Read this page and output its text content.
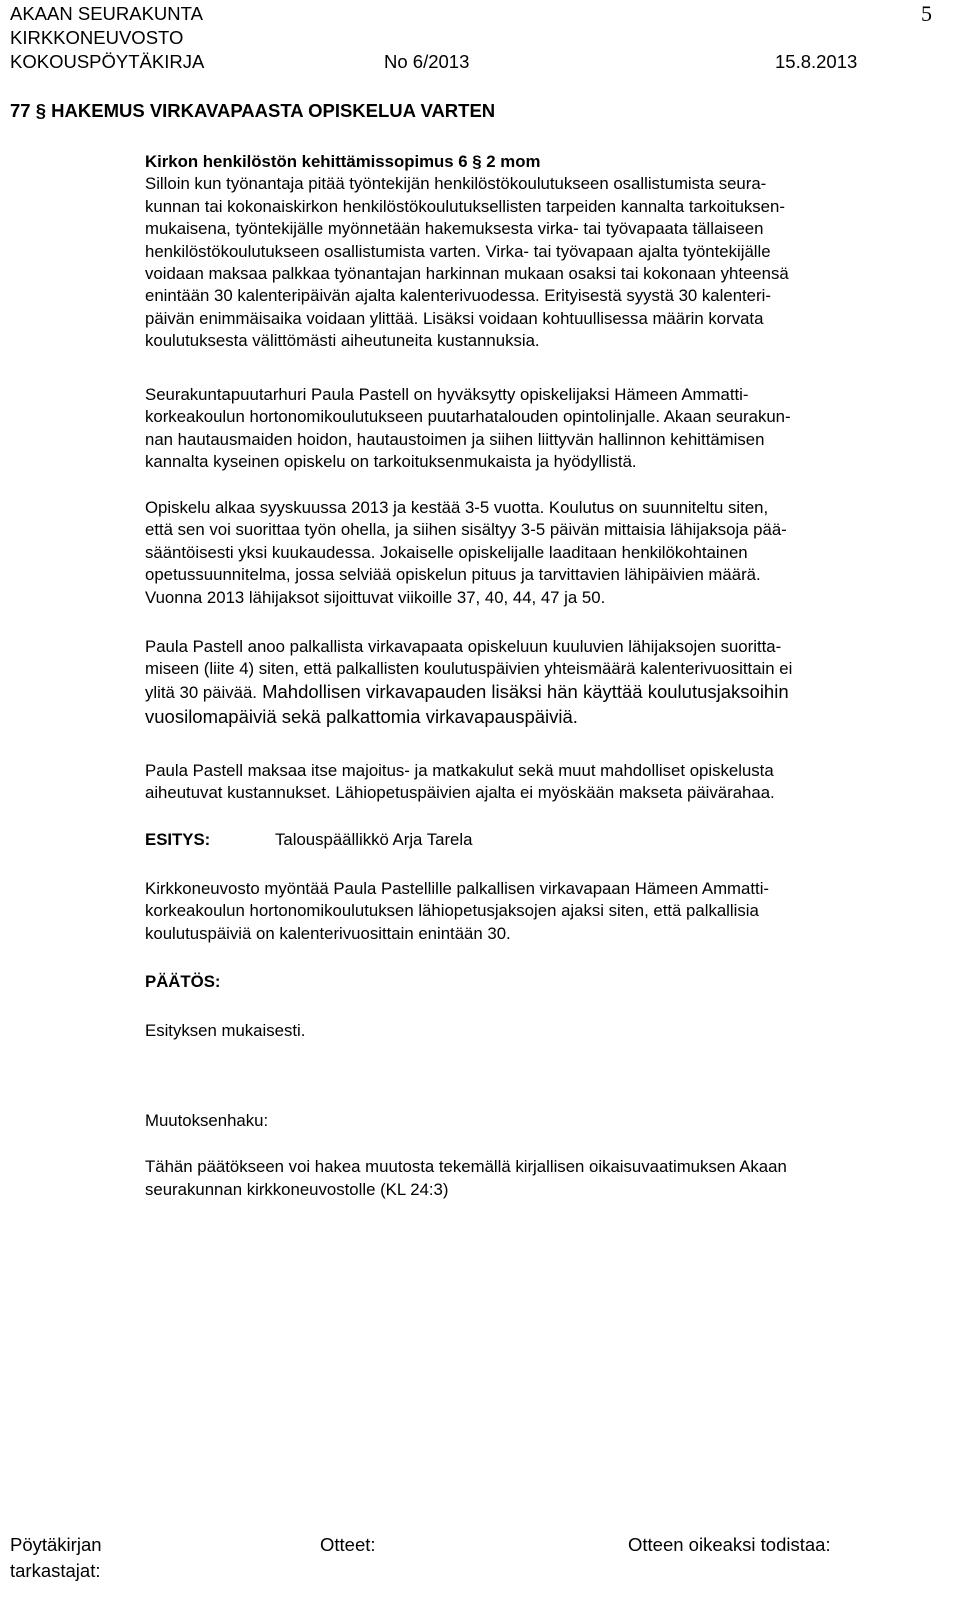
AKAAN SEURAKUNTA
KIRKKONEUVOSTO
KOKOUSPÖYTÄKIRJA	No 6/2013	15.8.2013
5
77 § HAKEMUS VIRKAVAPAASTA OPISKELUA VARTEN

Kirkon henkilöstön kehittämissopimus 6 § 2 mom

Silloin kun työnantaja pitää työntekijän henkilöstökoulutukseen osallistumista seura-

kunnan tai kokonaiskirkon henkilöstökoulutuksellisten tarpeiden kannalta tarkoituksen-

mukaisena, työntekijälle myönnetään hakemuksesta virka- tai työvapaata tällaiseen

henkilöstökoulutukseen osallistumista varten. Virka- tai työvapaan ajalta työntekijälle

voidaan maksaa palkkaa työnantajan harkinnan mukaan osaksi tai kokonaan yhteensä

enintään 30 kalenteripäivän ajalta kalenterivuodessa. Erityisestä syystä 30 kalenteri-

päivän enimmäisaika voidaan ylittää. Lisäksi voidaan kohtuullisessa määrin korvata

koulutuksesta välittömästi aiheutuneita kustannuksia.

Seurakuntapuutarhuri Paula Pastell on hyväksytty opiskelijaksi Hämeen Ammatti-

korkeakoulun hortonomikoulutukseen puutarhatalouden opintolinjalle. Akaan seurakun-

nan hautausmaiden hoidon, hautaustoimen ja siihen liittyvän hallinnon kehittämisen

kannalta kyseinen opiskelu on tarkoituksenmukaista ja hyödyllistä.

Opiskelu alkaa syyskuussa 2013 ja kestää 3-5 vuotta. Koulutus on suunniteltu siten,

että sen voi suorittaa työn ohella, ja siihen sisältyy 3-5 päivän mittaisia lähijaksoja pää-

sääntöisesti yksi kuukaudessa. Jokaiselle opiskelijalle laaditaan henkilökohtainen

opetussuunnitelma, jossa selviää opiskelun pituus ja tarvittavien lähipäivien määrä.

Vuonna 2013 lähijaksot sijoittuvat viikoille 37, 40, 44, 47 ja 50.

Paula Pastell anoo palkallista virkavapaata opiskeluun kuuluvien lähijaksojen suoritta-

miseen (liite 4) siten, että palkallisten koulutuspäivien yhteismäärä kalenterivuosittain ei

ylitä 30 päivää. Mahdollisen virkavapauden lisäksi hän käyttää koulutusjaksoihin

vuosilomapäiviä sekä palkattomia virkavapauspäiviä.

Paula Pastell maksaa itse majoitus- ja matkakulut sekä muut mahdolliset opiskelusta

aiheutuvat kustannukset. Lähiopetuspäivien ajalta ei myöskään makseta päivärahaa.

ESITYS:	Talouspäällikkö Arja Tarela

Kirkkoneuvosto myöntää Paula Pastellille palkallisen virkavapaan Hämeen Ammatti-

korkeakoulun hortonomikoulutuksen lähiopetusjaksojen ajaksi siten, että palkallisia

koulutuspäiviä on kalenterivuosittain enintään 30.

PÄÄTÖS:

Esityksen mukaisesti.

Muutoksenhaku:

Tähän päätökseen voi hakea muutosta tekemällä kirjallisen oikaisuvaatimuksen Akaan

seurakunnan kirkkoneuvostolle (KL 24:3)

Pöytäkirjan
tarkastajat:
Otteet:	Otteen oikeaksi todistaa:
